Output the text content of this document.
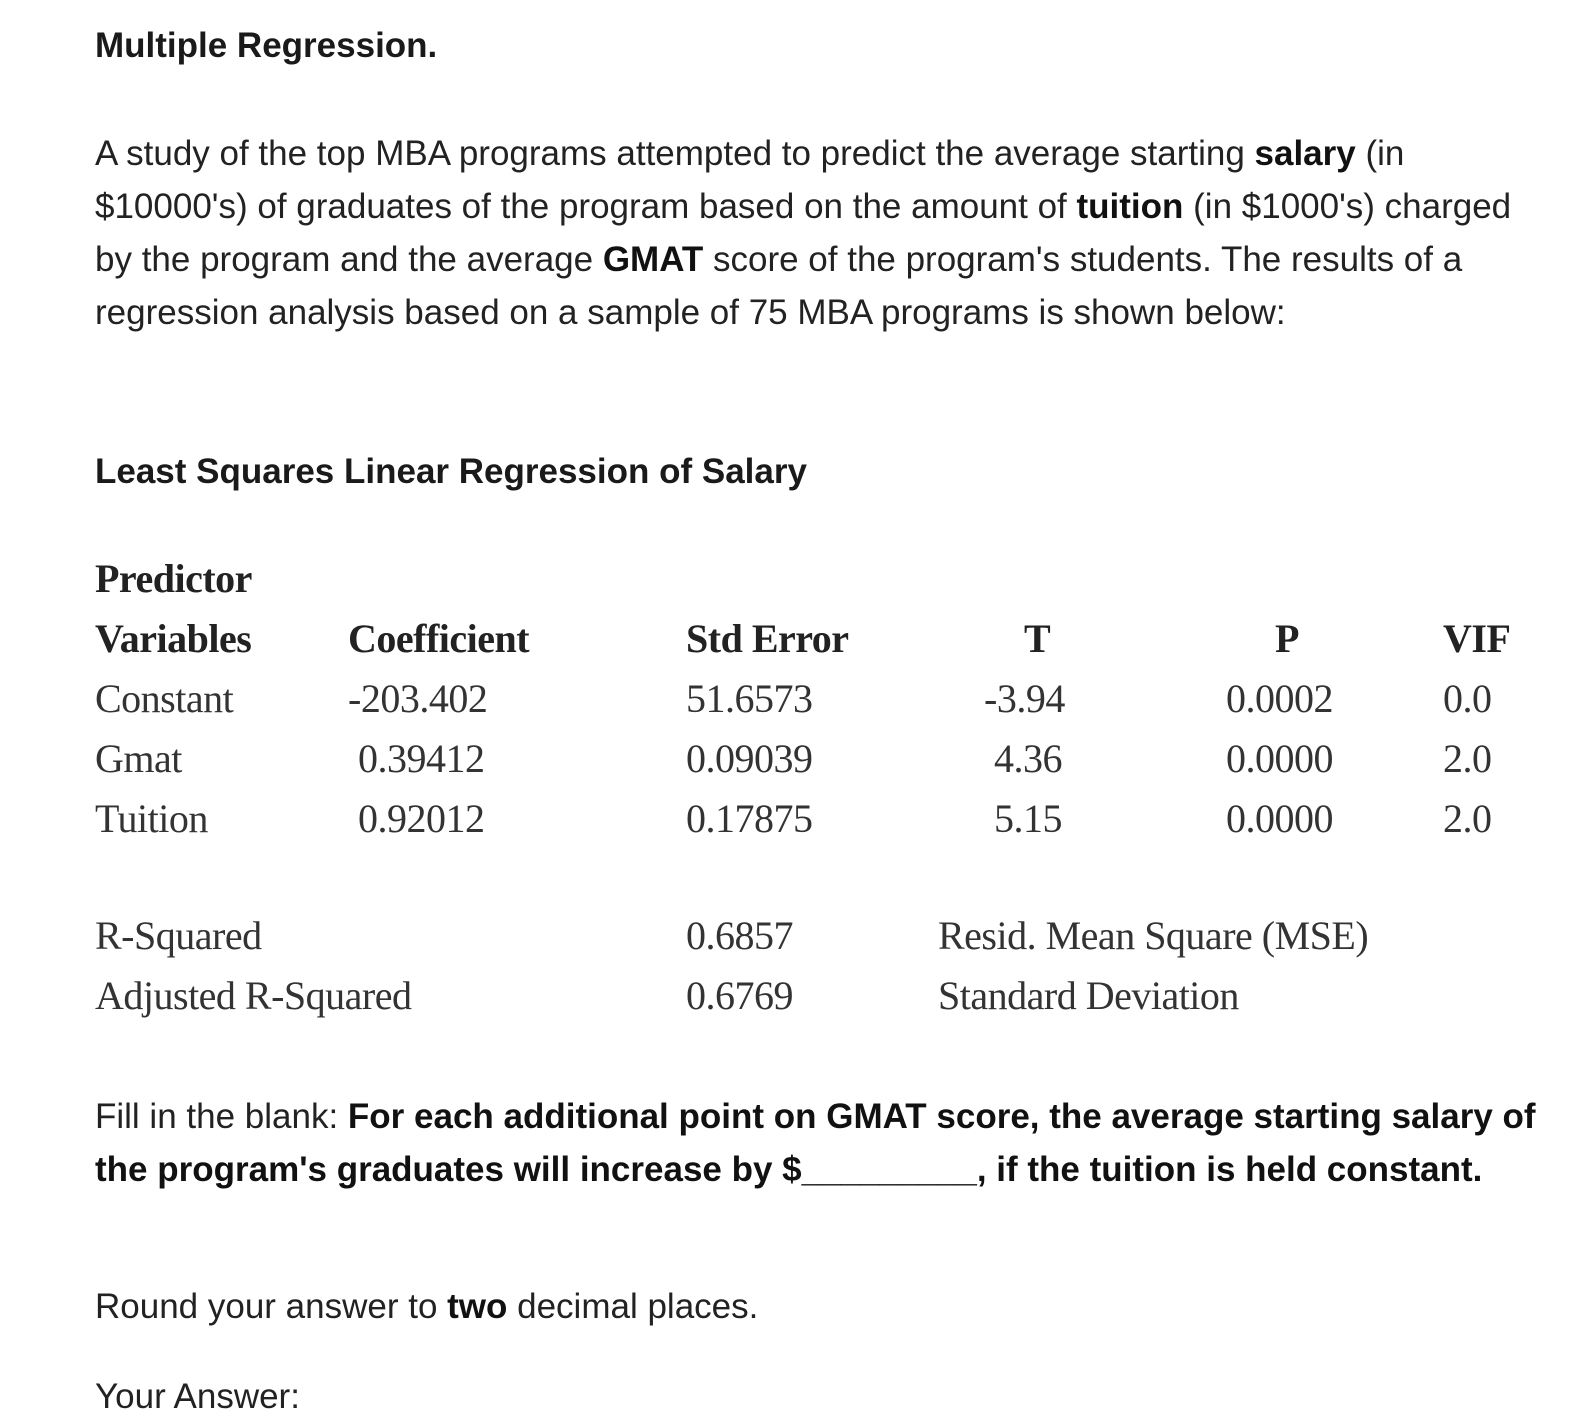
Multiple Regression.

A study of the top MBA programs attempted to predict the average starting salary (in $10000's) of graduates of the program based on the amount of tuition (in $1000's) charged by the program and the average GMAT score of the program's students. The results of a regression analysis based on a sample of 75 MBA programs is shown below:

Least Squares Linear Regression of Salary
Predictor
Variables Coefficient	Std Error	T	P	VIF
Constant	-203.402	51.6573	-3.94	0.0002	0.0
Gmat	0.39412	0.09039	4.36	0.0000	2.0
Tuition	0.92012	0.17875	5.15	0.0000	2.0
R-Squared	0.6857	Resid. Mean Square (MSE)
Adjusted R-Squared	0.6769	Standard Deviation

Fill in the blank: For each additional point on GMAT score, the average starting salary of the program's graduates will increase by $_________, if the tuition is held constant.

Round your answer to two decimal places.
Your Answer:
